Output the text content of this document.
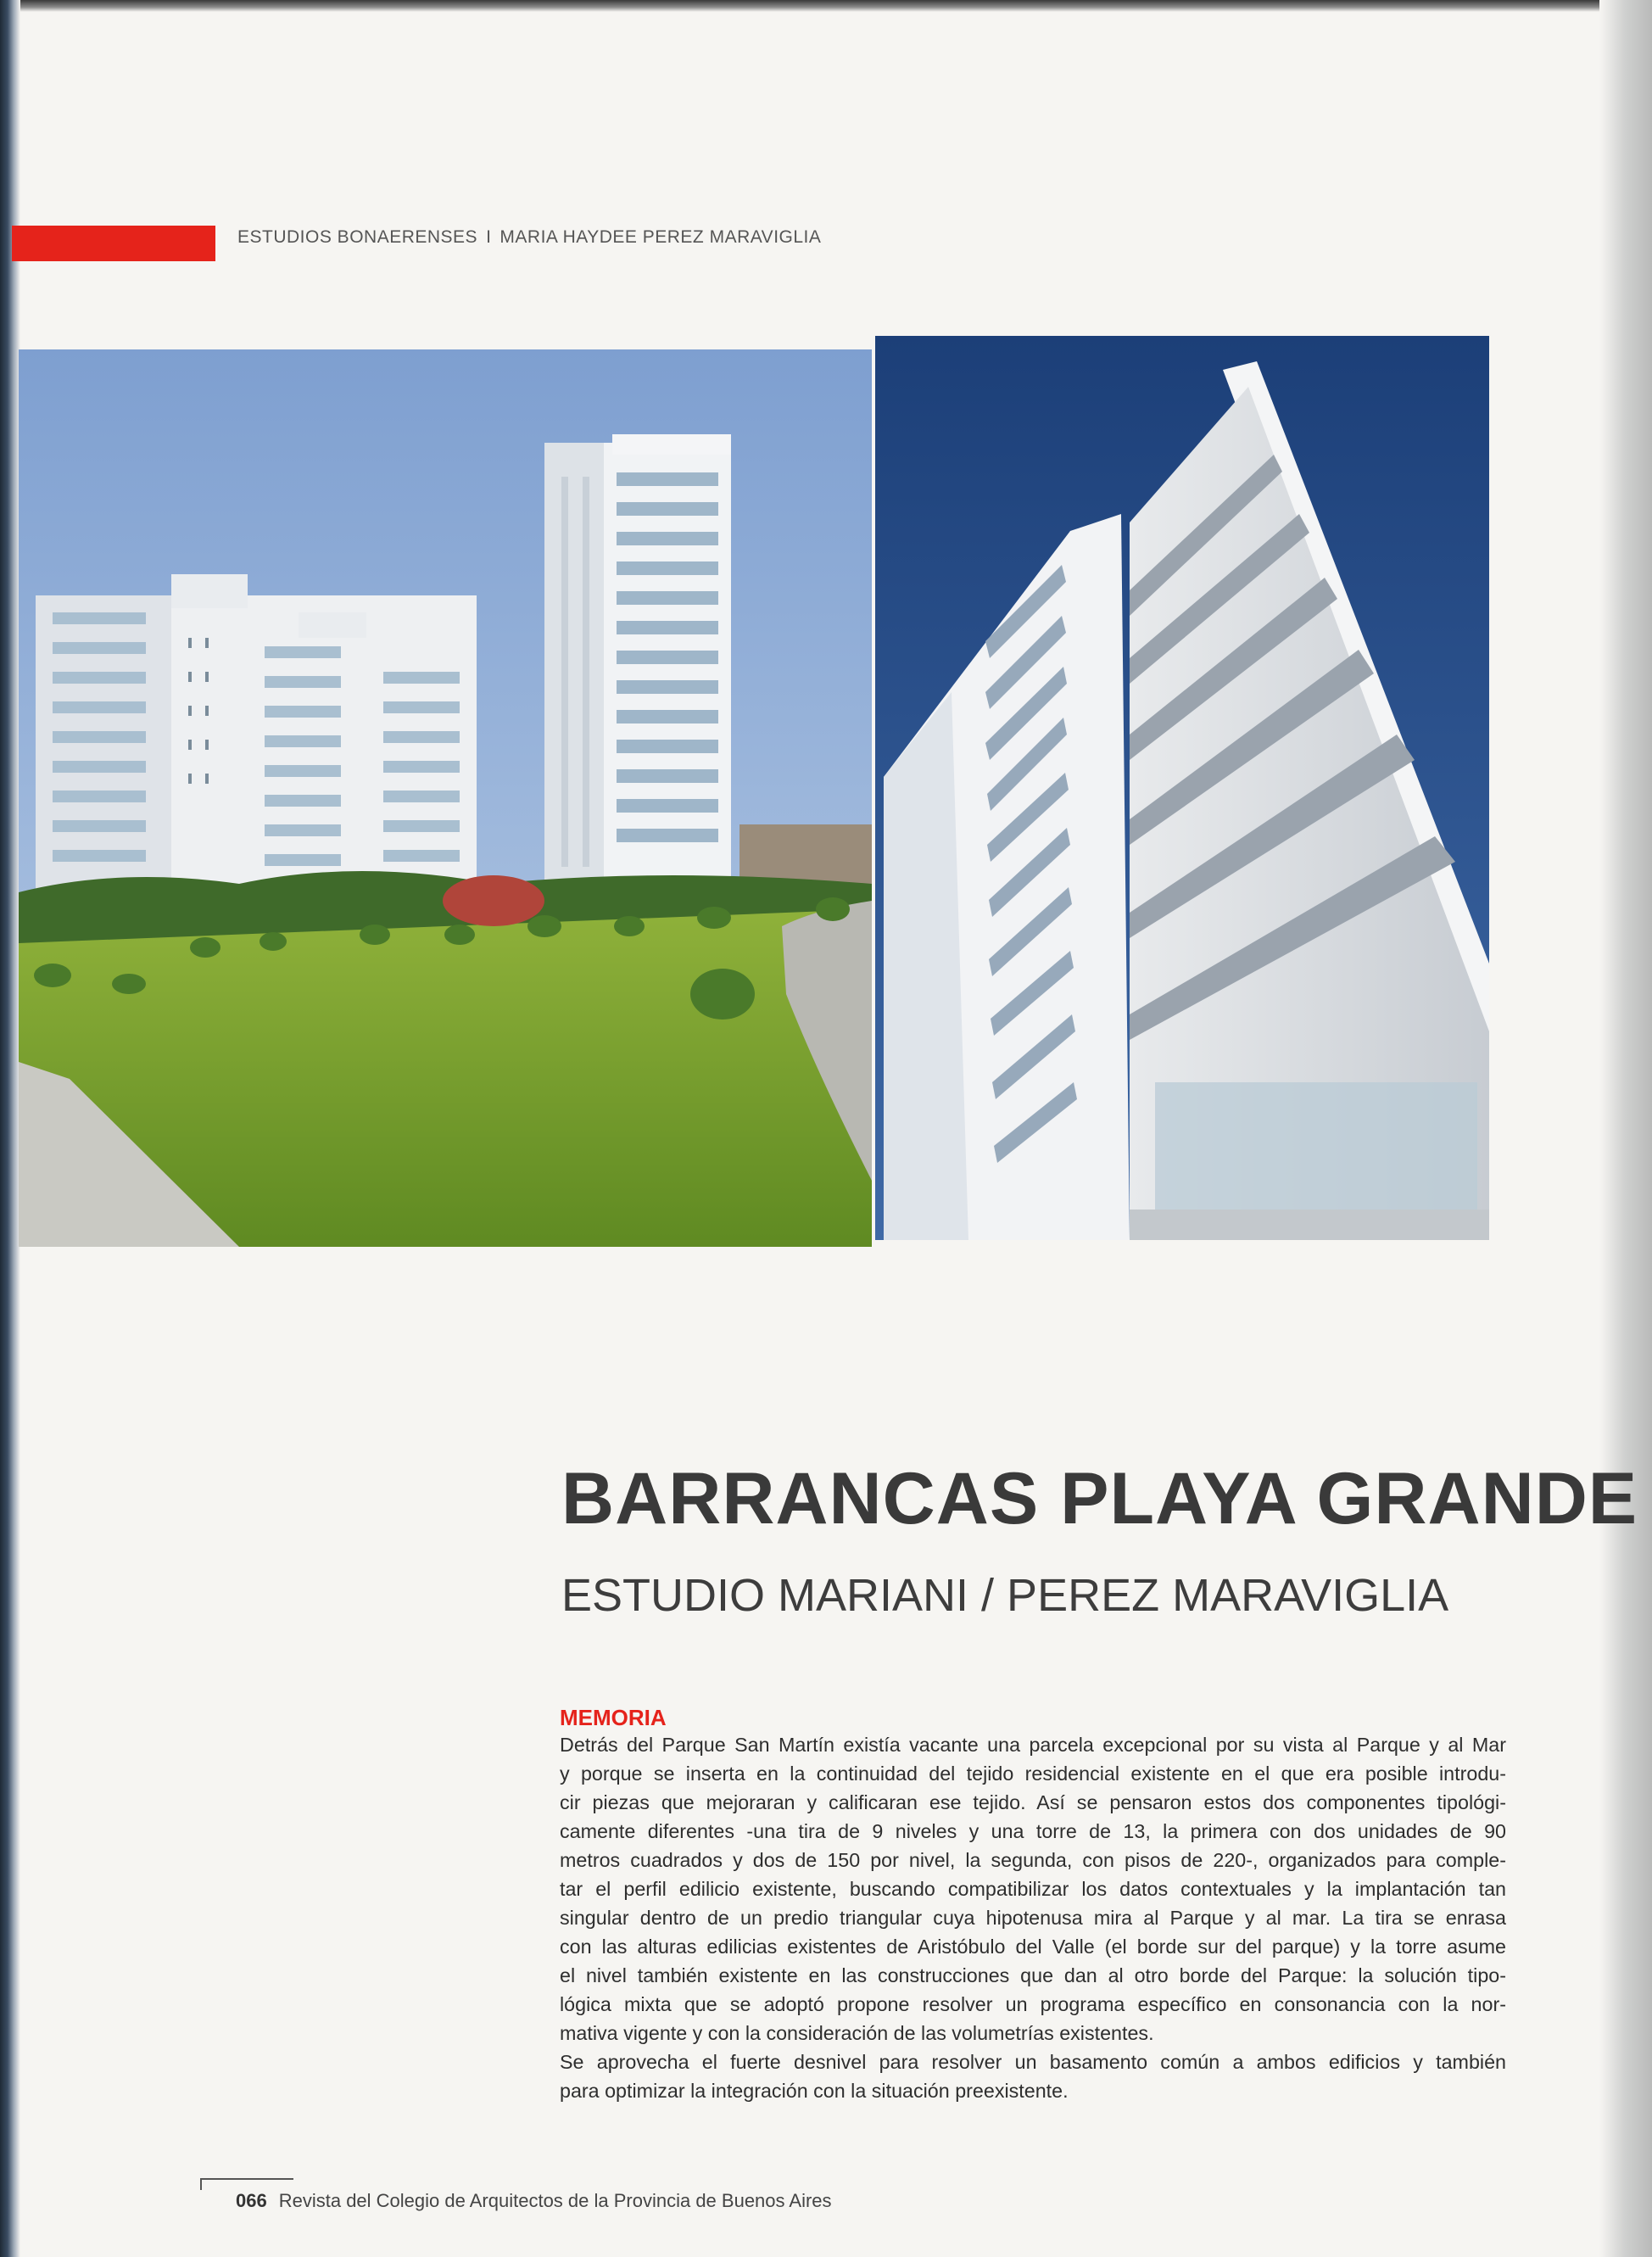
ESTUDIOS BONAERENSES I MARIA HAYDEE PEREZ MARAVIGLIA
BARRANCAS PLAYA GRANDE
ESTUDIO MARIANI / PEREZ MARAVIGLIA
MEMORIA
Detrás del Parque San Martín existía vacante una parcela excepcional por su vista al Parque y al Mar
y porque se inserta en la continuidad del tejido residencial existente en el que era posible introdu-
cir piezas que mejoraran y calificaran ese tejido. Así se pensaron estos dos componentes tipológi-
camente diferentes -una tira de 9 niveles y una torre de 13, la primera con dos unidades de 90
metros cuadrados y dos de 150 por nivel, la segunda, con pisos de 220-, organizados para comple-
tar el perfil edilicio existente, buscando compatibilizar los datos contextuales y la implantación tan
singular dentro de un predio triangular cuya hipotenusa mira al Parque y al mar. La tira se enrasa
con las alturas edilicias existentes de Aristóbulo del Valle (el borde sur del parque) y la torre asume
el nivel también existente en las construcciones que dan al otro borde del Parque: la solución tipo-
lógica mixta que se adoptó propone resolver un programa específico en consonancia con la nor-
mativa vigente y con la consideración de las volumetrías existentes.
Se aprovecha el fuerte desnivel para resolver un basamento común a ambos edificios y también
para optimizar la integración con la situación preexistente.
066 Revista del Colegio de Arquitectos de la Provincia de Buenos Aires
